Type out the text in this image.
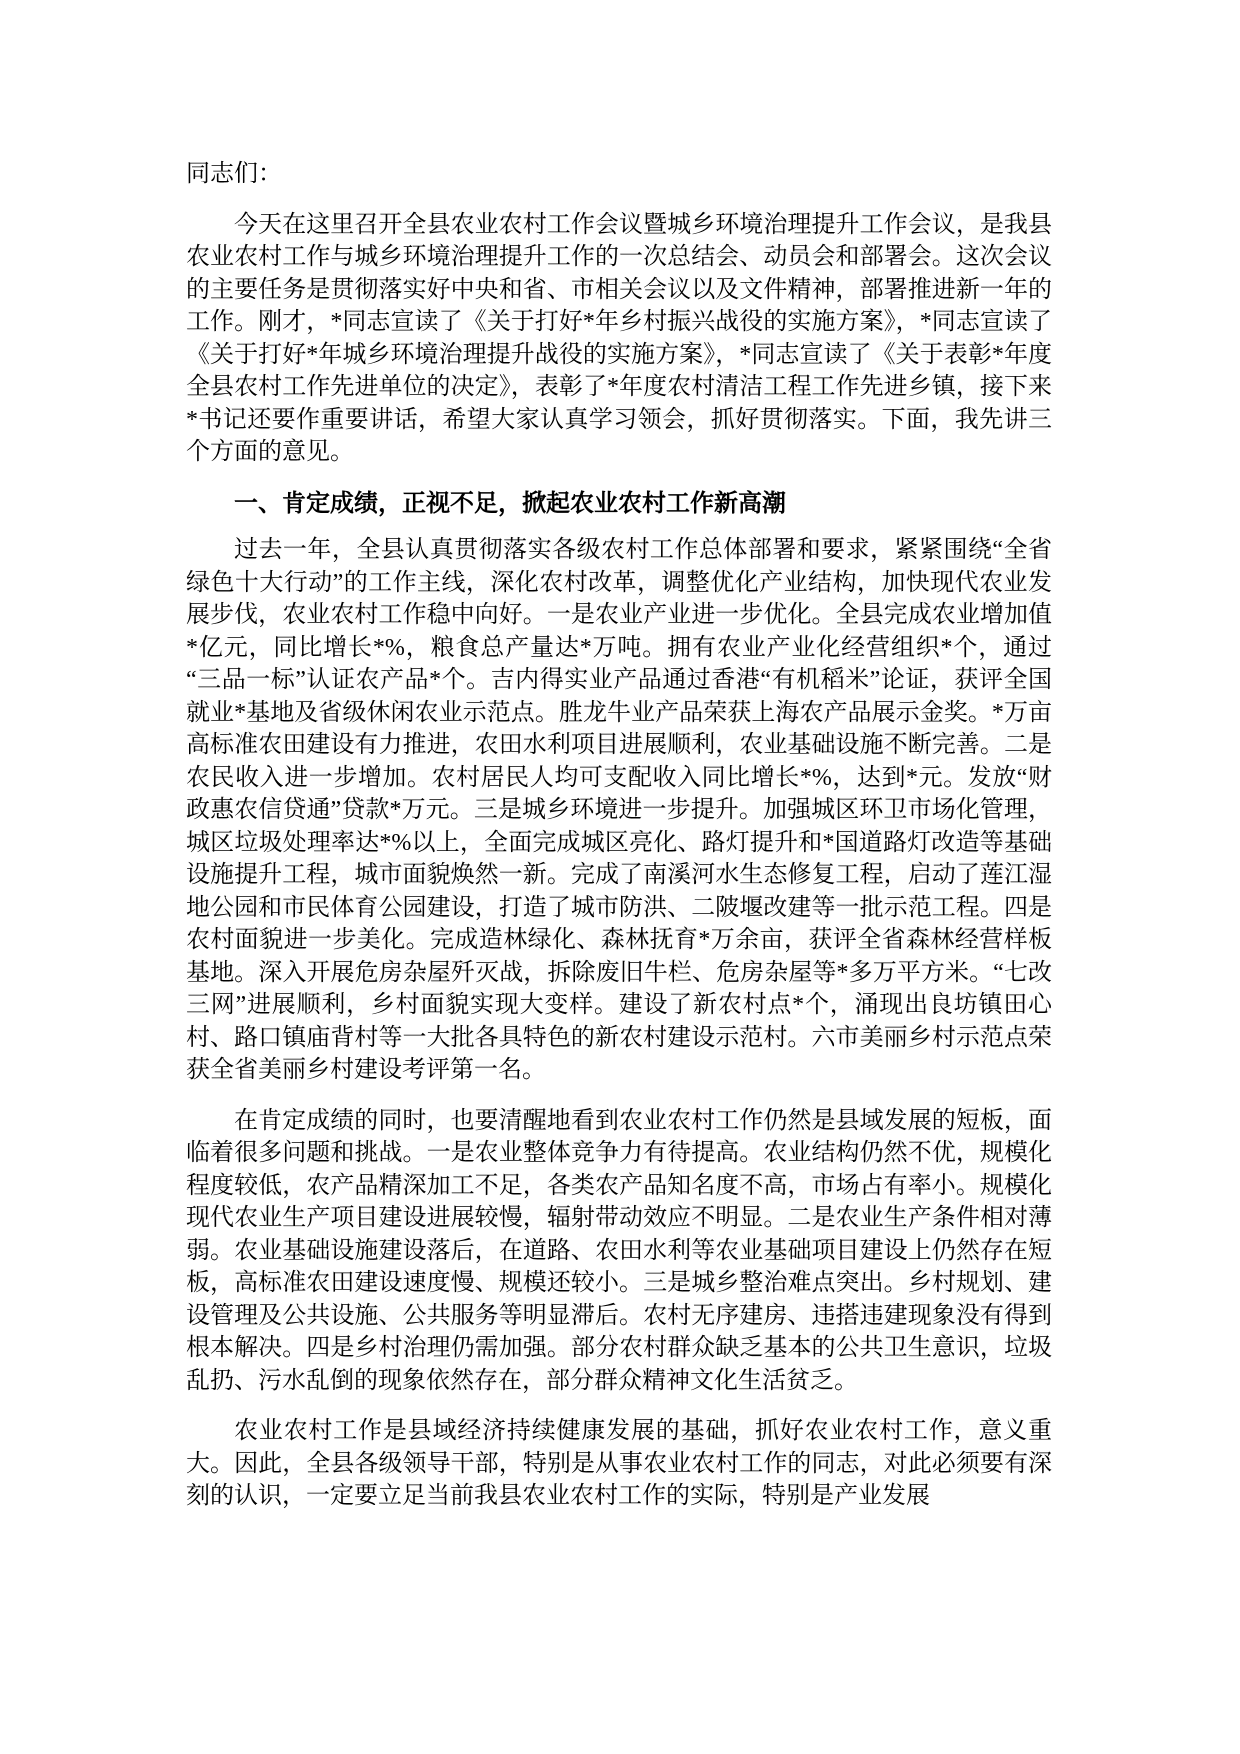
同志们：

今天在这里召开全县农业农村工作会议暨城乡环境治理提升工作会议，是我县农业农村工作与城乡环境治理提升工作的一次总结会、动员会和部署会。这次会议的主要任务是贯彻落实好中央和省、市相关会议以及文件精神，部署推进新一年的工作。刚才，*同志宣读了《关于打好*年乡村振兴战役的实施方案》，*同志宣读了《关于打好*年城乡环境治理提升战役的实施方案》，*同志宣读了《关于表彰*年度全县农村工作先进单位的决定》，表彰了*年度农村清洁工程工作先进乡镇，接下来*书记还要作重要讲话，希望大家认真学习领会，抓好贯彻落实。下面，我先讲三个方面的意见。

一、肯定成绩，正视不足，掀起农业农村工作新高潮

过去一年，全县认真贯彻落实各级农村工作总体部署和要求，紧紧围绕“全省绿色十大行动”的工作主线，深化农村改革，调整优化产业结构，加快现代农业发展步伐，农业农村工作稳中向好。一是农业产业进一步优化。全县完成农业增加值*亿元，同比增长*%，粮食总产量达*万吨。拥有农业产业化经营组织*个，通过“三品一标”认证农产品*个。吉内得实业产品通过香港“有机稻米”论证，获评全国就业*基地及省级休闲农业示范点。胜龙牛业产品荣获上海农产品展示金奖。*万亩高标准农田建设有力推进，农田水利项目进展顺利，农业基础设施不断完善。二是农民收入进一步增加。农村居民人均可支配收入同比增长*%，达到*元。发放“财政惠农信贷通”贷款*万元。三是城乡环境进一步提升。加强城区环卫市场化管理，城区垃圾处理率达*%以上，全面完成城区亮化、路灯提升和*国道路灯改造等基础设施提升工程，城市面貌焕然一新。完成了南溪河水生态修复工程，启动了莲江湿地公园和市民体育公园建设，打造了城市防洪、二陂堰改建等一批示范工程。四是农村面貌进一步美化。完成造林绿化、森林抚育*万余亩，获评全省森林经营样板基地。深入开展危房杂屋歼灭战，拆除废旧牛栏、危房杂屋等*多万平方米。“七改三网”进展顺利，乡村面貌实现大变样。建设了新农村点*个，涌现出良坊镇田心村、路口镇庙背村等一大批各具特色的新农村建设示范村。六市美丽乡村示范点荣获全省美丽乡村建设考评第一名。

在肯定成绩的同时，也要清醒地看到农业农村工作仍然是县域发展的短板，面临着很多问题和挑战。一是农业整体竞争力有待提高。农业结构仍然不优，规模化程度较低，农产品精深加工不足，各类农产品知名度不高，市场占有率小。规模化现代农业生产项目建设进展较慢，辐射带动效应不明显。二是农业生产条件相对薄弱。农业基础设施建设落后，在道路、农田水利等农业基础项目建设上仍然存在短板，高标准农田建设速度慢、规模还较小。三是城乡整治难点突出。乡村规划、建设管理及公共设施、公共服务等明显滞后。农村无序建房、违搭违建现象没有得到根本解决。四是乡村治理仍需加强。部分农村群众缺乏基本的公共卫生意识，垃圾乱扔、污水乱倒的现象依然存在，部分群众精神文化生活贫乏。

农业农村工作是县域经济持续健康发展的基础，抓好农业农村工作，意义重大。因此，全县各级领导干部，特别是从事农业农村工作的同志，对此必须要有深刻的认识，一定要立足当前我县农业农村工作的实际，特别是产业发展
